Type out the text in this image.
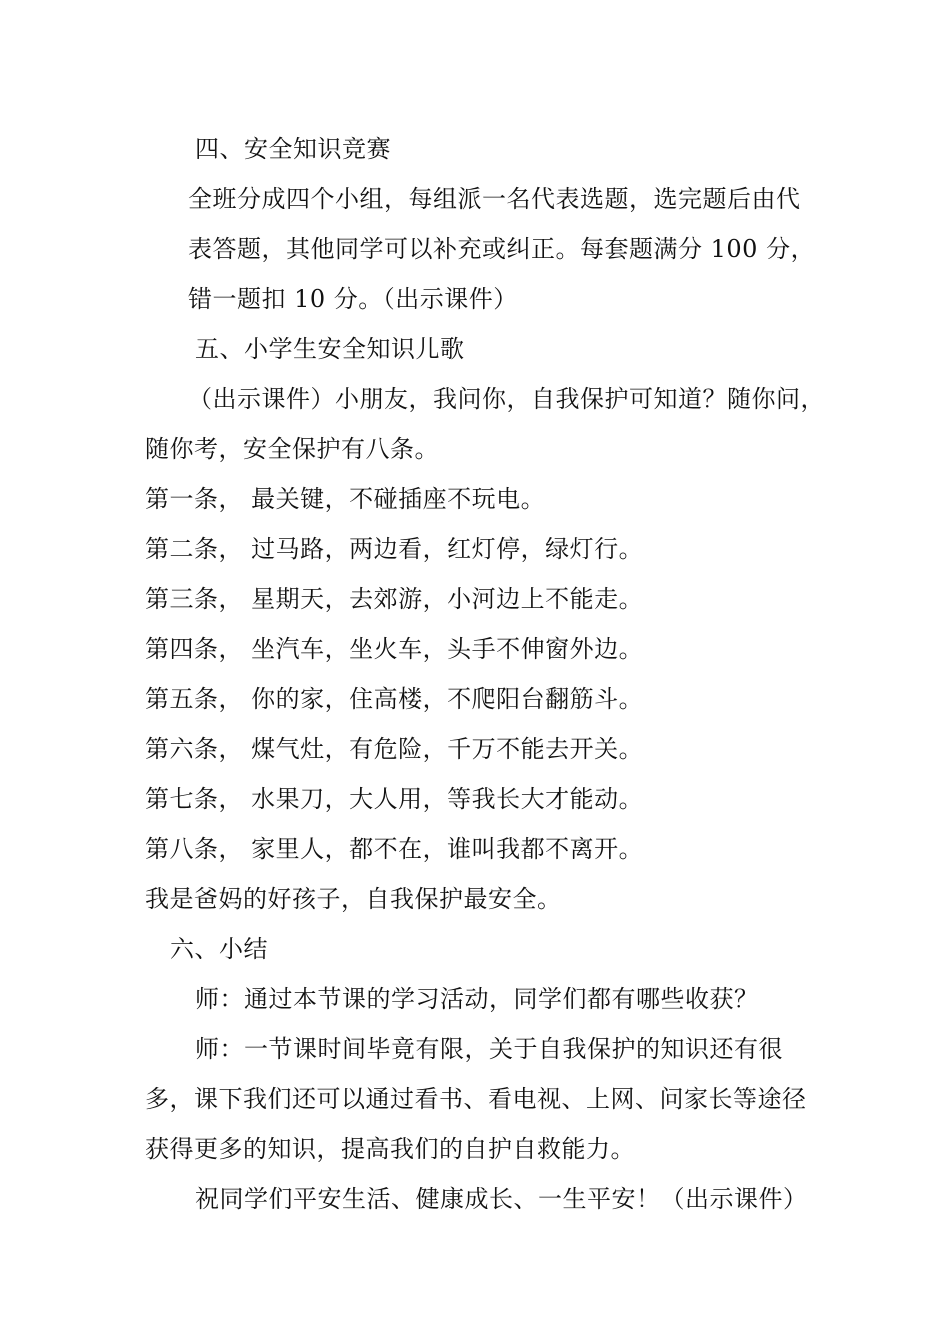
四、安全知识竞赛
全班分成四个小组，每组派一名代表选题，选完题后由代
表答题，其他同学可以补充或纠正。每套题满分 100 分，
错一题扣 10 分。（出示课件）
五、小学生安全知识儿歌
（出示课件）小朋友，我问你，自我保护可知道？随你问，
随你考，安全保护有八条。
第一条， 最关键，不碰插座不玩电。
第二条， 过马路，两边看，红灯停，绿灯行。
第三条， 星期天，去郊游，小河边上不能走。
第四条， 坐汽车，坐火车，头手不伸窗外边。
第五条， 你的家，住高楼，不爬阳台翻筋斗。
第六条， 煤气灶，有危险，千万不能去开关。
第七条， 水果刀，大人用，等我长大才能动。
第八条， 家里人，都不在，谁叫我都不离开。
我是爸妈的好孩子，自我保护最安全。
六、小结
师：通过本节课的学习活动，同学们都有哪些收获？
师：一节课时间毕竟有限，关于自我保护的知识还有很
多，课下我们还可以通过看书、看电视、上网、问家长等途径
获得更多的知识，提高我们的自护自救能力。
祝同学们平安生活、健康成长、一生平安！（出示课件）
